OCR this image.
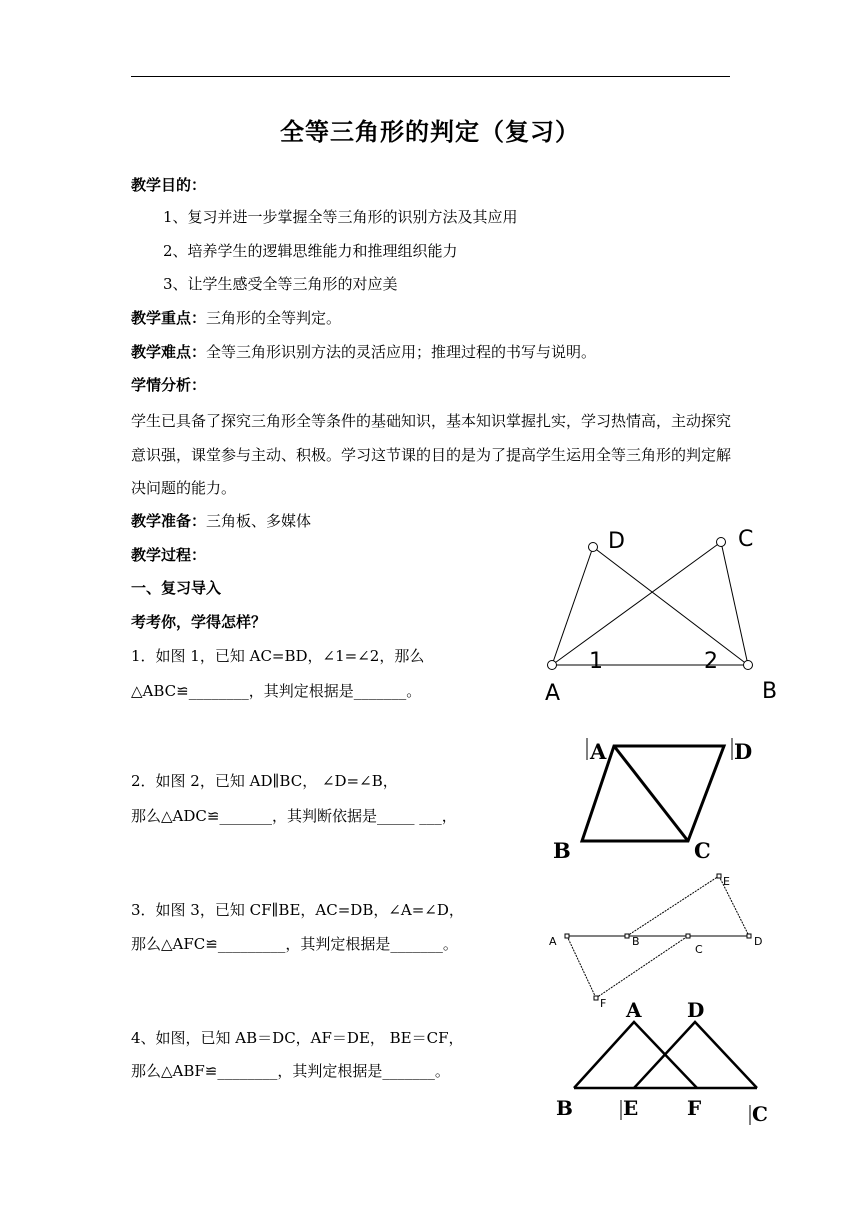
全等三角形的判定（复习）
教学目的：
1、复习并进一步掌握全等三角形的识别方法及其应用
2、培养学生的逻辑思维能力和推理组织能力
3、让学生感受全等三角形的对应美
教学重点：三角形的全等判定。
教学难点：全等三角形识别方法的灵活应用；推理过程的书写与说明。
学情分析：
学生已具备了探究三角形全等条件的基础知识，基本知识掌握扎实，学习热情高，主动探究意识强，课堂参与主动、积极。学习这节课的目的是为了提高学生运用全等三角形的判定解决问题的能力。
教学准备：三角板、多媒体
教学过程：
一、复习导入
考考你，学得怎样？
1．如图 1，已知 AC=BD，∠1=∠2，那么
△ABC≌________，其判定根据是_______。
2．如图 2，已知 AD∥BC， ∠D=∠B，
那么△ADC≌_______，其判断依据是_____ ___，
3．如图 3，已知 CF∥BE，AC=DB，∠A=∠D，
那么△AFC≌_________，其判定根据是_______。
4、如图，已知 AB＝DC，AF＝DE， BE＝CF，
那么△ABF≌________，其判定根据是_______。
D	C
1	2
A	B
A	D
B	C
E
A	B
C
D
F A D
B	E F	C
